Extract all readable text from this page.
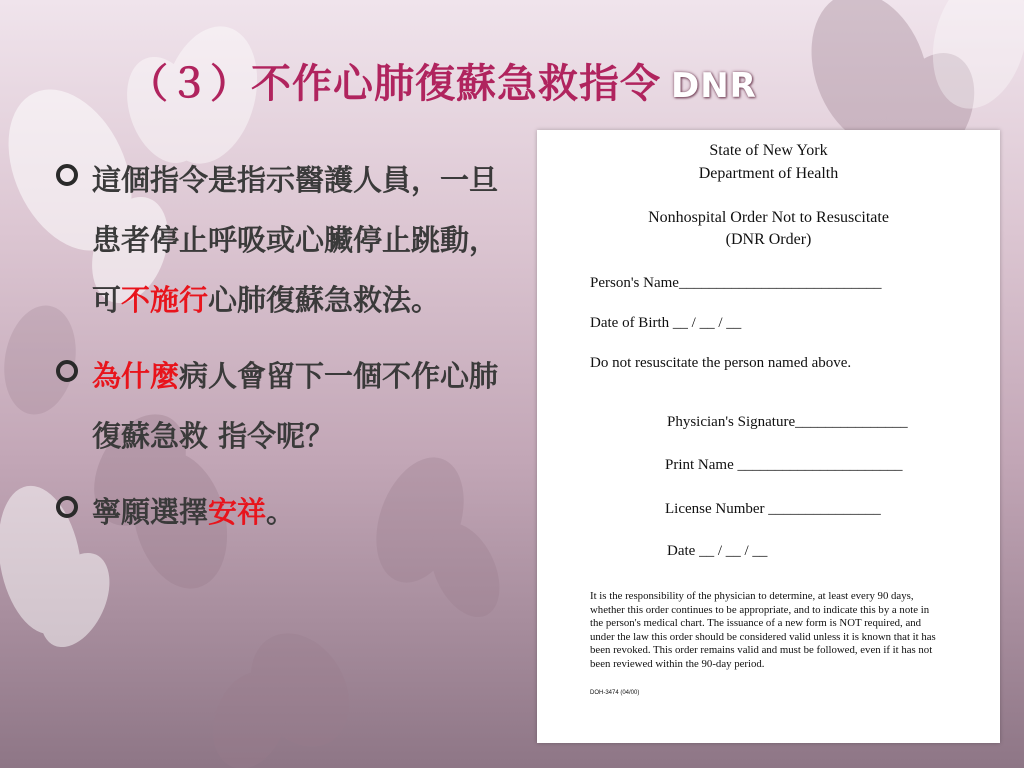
（３）不作心肺復蘇急救指令 DNR
這個指令是指示醫護人員，一旦患者停止呼吸或心臟停止跳動，可不施行心肺復蘇急救法。
為什麼病人會留下一個不作心肺復蘇急救 指令呢？
寧願選擇安祥。
State of New York
Department of Health
Nonhospital Order Not to Resuscitate
(DNR Order)
Person's Name___________________________
Date of Birth __ / __ / __
Do not resuscitate the person named above.
Physician's Signature_______________
Print Name ______________________
License Number _______________
Date __ / __ / __
It is the responsibility of the physician to determine, at least every 90 days, whether this order continues to be appropriate, and to indicate this by a note in the person's medical chart. The issuance of a new form is NOT required, and under the law this order should be considered valid unless it is known that it has been revoked. This order remains valid and must be followed, even if it has not been reviewed within the 90-day period.
DOH-3474 (04/00)
